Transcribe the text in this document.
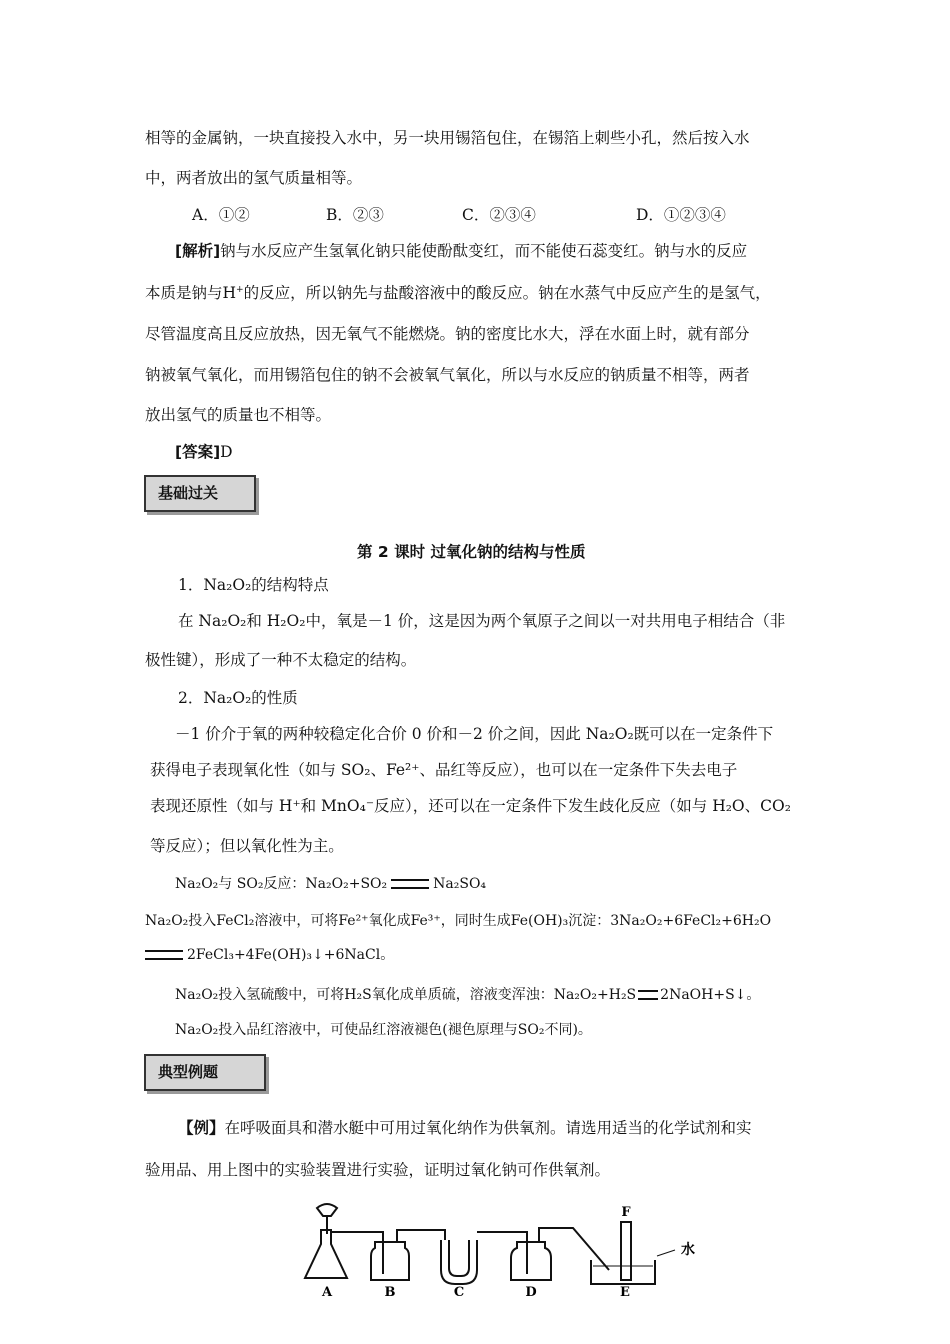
相等的金属钠，一块直接投入水中，另一块用锡箔包住，在锡箔上刺些小孔，然后按入水
中，两者放出的氢气质量相等。
A．①②	B．②③	C．②③④	D．①②③④
[解析]钠与水反应产生氢氧化钠只能使酚酞变红，而不能使石蕊变红。钠与水的反应
本质是钠与H+的反应，所以钠先与盐酸溶液中的酸反应。钠在水蒸气中反应产生的是氢气，
尽管温度高且反应放热，因无氧气不能燃烧。钠的密度比水大，浮在水面上时，就有部分
钠被氧气氧化，而用锡箔包住的钠不会被氧气氧化，所以与水反应的钠质量不相等，两者
放出氢气的质量也不相等。
[答案]D
基础过关
第 2 课时 过氧化钠的结构与性质
1．Na₂O₂的结构特点
在 Na₂O₂和 H₂O₂中，氧是－1 价，这是因为两个氧原子之间以一对共用电子相结合（非
极性键），形成了一种不太稳定的结构。
2．Na₂O₂的性质
－1 价介于氧的两种较稳定化合价 0 价和－2 价之间，因此 Na₂O₂既可以在一定条件下
获得电子表现氧化性（如与 SO₂、Fe²⁺、品红等反应），也可以在一定条件下失去电子
表现还原性（如与 H⁺和 MnO₄⁻反应），还可以在一定条件下发生歧化反应（如与 H₂O、CO₂
等反应）；但以氧化性为主。
Na₂O₂与 SO₂反应：Na₂O₂+SO₂	Na₂SO₄
Na₂O₂投入FeCl₂溶液中，可将Fe²⁺氧化成Fe³⁺，同时生成Fe(OH)₃沉淀：3Na₂O₂+6FeCl₂+6H₂O
2FeCl₃+4Fe(OH)₃↓+6NaCl。
Na₂O₂投入氢硫酸中，可将H₂S氧化成单质硫，溶液变浑浊：Na₂O₂+H₂S 2NaOH+S↓。
Na₂O₂投入品红溶液中，可使品红溶液褪色(褪色原理与SO₂不同)。
典型例题
【例】在呼吸面具和潜水艇中可用过氧化纳作为供氧剂。请选用适当的化学试剂和实
验用品、用上图中的实验装置进行实验，证明过氧化钠可作供氧剂。
A	B	C	D	E
F
水
